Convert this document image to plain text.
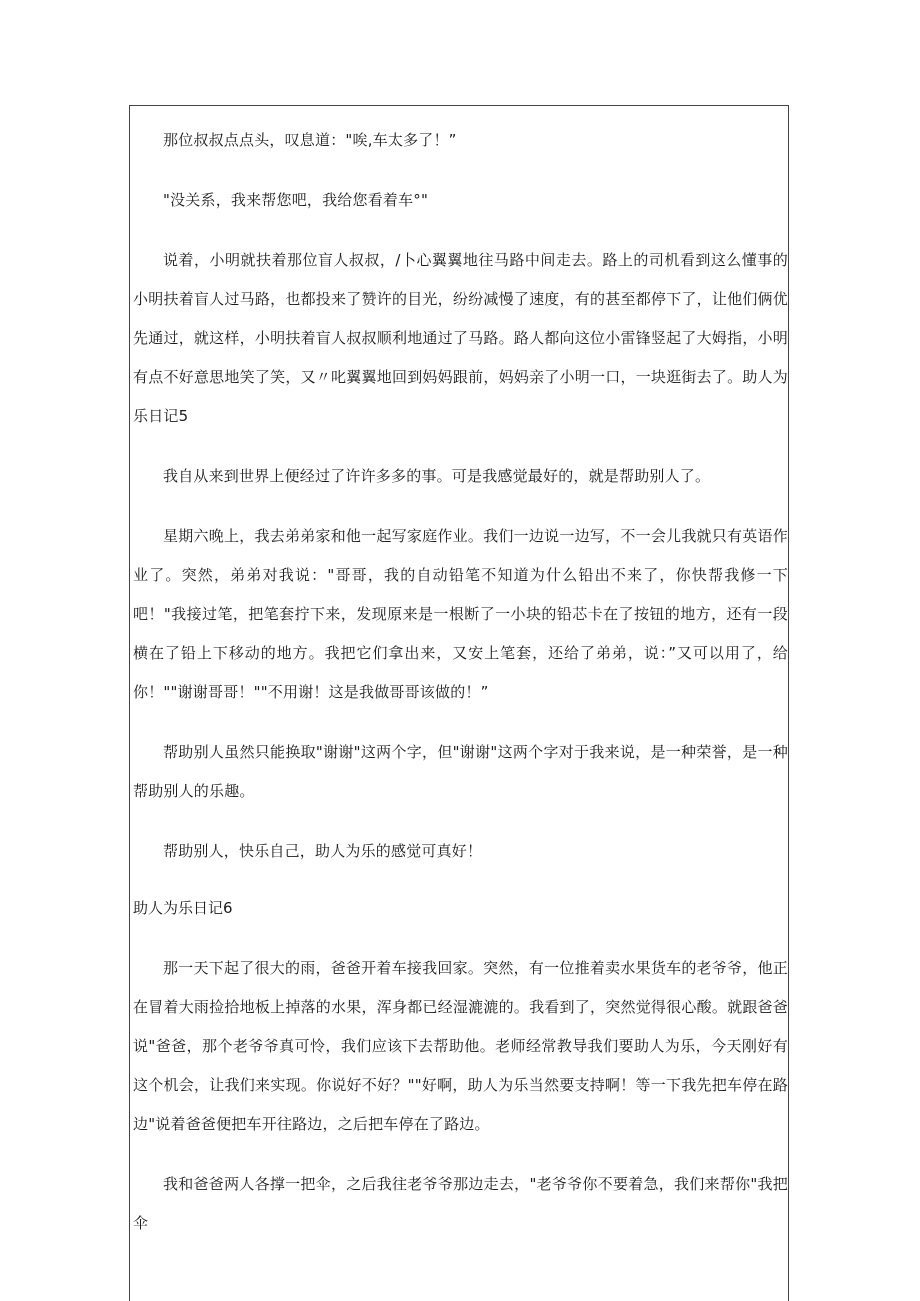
那位叔叔点点头，叹息道："唉,车太多了！”

"没关系，我来帮您吧，我给您看着车°"

说着，小明就扶着那位盲人叔叔，/卜心翼翼地往马路中间走去。路上的司机看到这么懂事的小明扶着盲人过马路，也都投来了赞许的目光，纷纷减慢了速度，有的甚至都停下了，让他们俩优先通过，就这样，小明扶着盲人叔叔顺利地通过了马路。路人都向这位小雷锋竖起了大姆指，小明有点不好意思地笑了笑，又〃叱翼翼地回到妈妈跟前，妈妈亲了小明一口，一块逛街去了。助人为乐日记5

我自从来到世界上便经过了许许多多的事。可是我感觉最好的，就是帮助别人了。

星期六晚上，我去弟弟家和他一起写家庭作业。我们一边说一边写，不一会儿我就只有英语作业了。突然，弟弟对我说："哥哥，我的自动铅笔不知道为什么铅出不来了，你快帮我修一下吧！"我接过笔，把笔套拧下来，发现原来是一根断了一小块的铅芯卡在了按钮的地方，还有一段横在了铅上下移动的地方。我把它们拿出来，又安上笔套，还给了弟弟，说：”又可以用了，给你！""谢谢哥哥！""不用谢！这是我做哥哥该做的！”

帮助别人虽然只能换取"谢谢"这两个字，但"谢谢"这两个字对于我来说，是一种荣誉，是一种帮助别人的乐趣。

帮助别人，快乐自己，助人为乐的感觉可真好！

助人为乐日记6

那一天下起了很大的雨，爸爸开着车接我回家。突然，有一位推着卖水果货车的老爷爷，他正在冒着大雨捡拾地板上掉落的水果，浑身都已经湿漉漉的。我看到了，突然觉得很心酸。就跟爸爸说"爸爸，那个老爷爷真可怜，我们应该下去帮助他。老师经常教导我们要助人为乐，今天刚好有这个机会，让我们来实现。你说好不好？""好啊，助人为乐当然要支持啊！等一下我先把车停在路边"说着爸爸便把车开往路边，之后把车停在了路边。

我和爸爸两人各撑一把伞，之后我往老爷爷那边走去，"老爷爷你不要着急，我们来帮你"我把伞
